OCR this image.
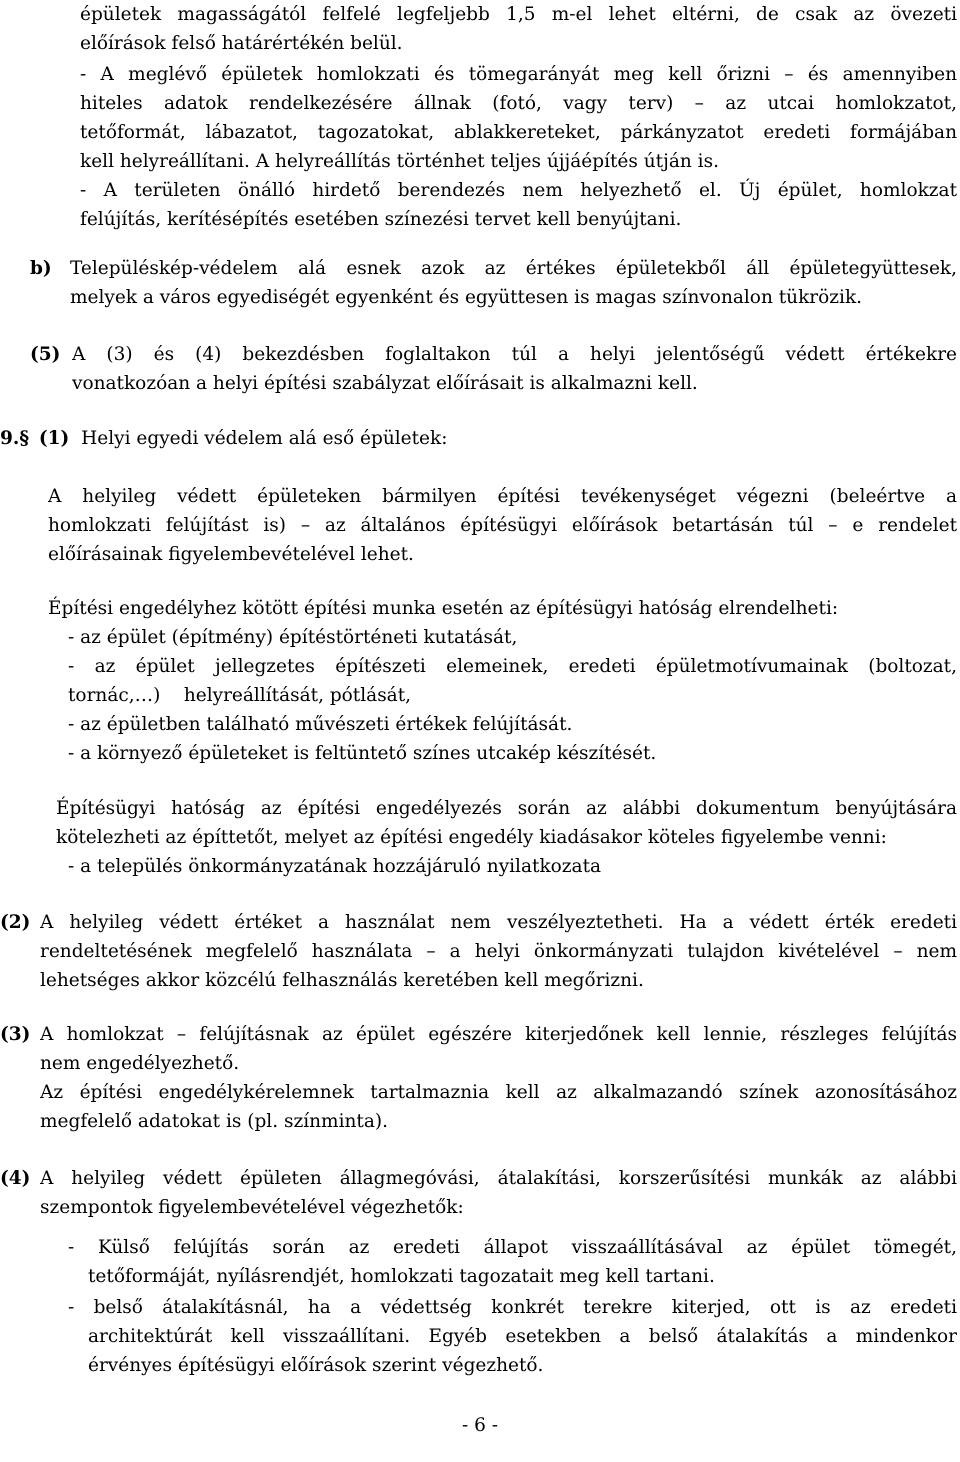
épületek magasságától felfelé legfeljebb 1,5 m-el lehet eltérni, de csak az övezeti
előírások felső határértékén belül.
- A meglévő épületek homlokzati és tömegarányát meg kell őrizni – és amennyiben
hiteles adatok rendelkezésére állnak (fotó, vagy terv) – az utcai homlokzatot,
tetőformát, lábazatot, tagozatokat, ablakkereteket, párkányzatot eredeti formájában
kell helyreállítani. A helyreállítás történhet teljes újjáépítés útján is.
- A területen önálló hirdető berendezés nem helyezhető el. Új épület, homlokzat
felújítás, kerítésépítés esetében színezési tervet kell benyújtani.
b) Településkép-védelem alá esnek azok az értékes épületekből áll épületegyüttesek,
melyek a város egyediségét egyenként és együttesen is magas színvonalon tükrözik.
(5) A (3) és (4) bekezdésben foglaltakon túl a helyi jelentőségű védett értékekre
vonatkozóan a helyi építési szabályzat előírásait is alkalmazni kell.
9.§ (1) Helyi egyedi védelem alá eső épületek:
A helyileg védett épületeken bármilyen építési tevékenységet végezni (beleértve a
homlokzati felújítást is) – az általános építésügyi előírások betartásán túl – e rendelet
előírásainak figyelembevételével lehet.
Építési engedélyhez kötött építési munka esetén az építésügyi hatóság elrendelheti:
- az épület (építmény) építéstörténeti kutatását,
- az épület jellegzetes építészeti elemeinek, eredeti épületmotívumainak (boltozat,
tornác,…)    helyreállítását, pótlását,
- az épületben található művészeti értékek felújítását.
- a környező épületeket is feltüntető színes utcakép készítését.
Építésügyi hatóság az építési engedélyezés során az alábbi dokumentum benyújtására
kötelezheti az építtetőt, melyet az építési engedély kiadásakor köteles figyelembe venni:
- a település önkormányzatának hozzájáruló nyilatkozata
(2) A helyileg védett értéket a használat nem veszélyeztetheti. Ha a védett érték eredeti
rendeltetésének megfelelő használata – a helyi önkormányzati tulajdon kivételével – nem
lehetséges akkor közcélú felhasználás keretében kell megőrizni.
(3) A homlokzat – felújításnak az épület egészére kiterjedőnek kell lennie, részleges felújítás
nem engedélyezhető.
Az építési engedélykérelemnek tartalmaznia kell az alkalmazandó színek azonosításához
megfelelő adatokat is (pl. színminta).
(4) A helyileg védett épületen állagmegóvási, átalakítási, korszerűsítési munkák az alábbi
szempontok figyelembevételével végezhetők:
- Külső felújítás során az eredeti állapot visszaállításával az épület tömegét,
tetőformáját, nyílásrendjét, homlokzati tagozatait meg kell tartani.
- belső átalakításnál, ha a védettség konkrét terekre kiterjed, ott is az eredeti
architektúrát kell visszaállítani. Egyéb esetekben a belső átalakítás a mindenkor
érvényes építésügyi előírások szerint végezhető.
- 6 -
